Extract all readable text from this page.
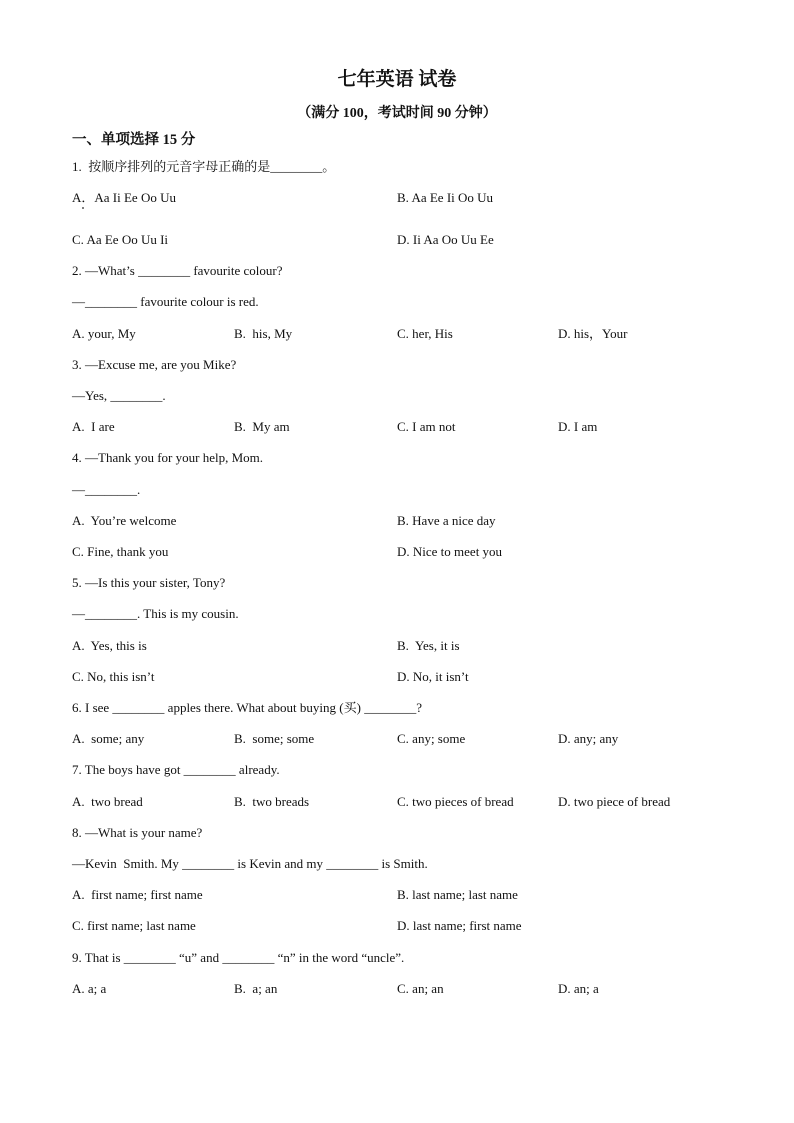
七年英语 试卷
（满分 100，考试时间 90 分钟）
一、单项选择 15 分
1.  按顺序排列的元音字母正确的是________。
A．Aa Ii Ee Oo Uu	B. Aa Ee Ii Oo Uu
C. Aa Ee Oo Uu Ii	D. Ii Aa Oo Uu Ee
2. —What’s ________ favourite colour?
—________ favourite colour is red.
A. your, My	B.  his, My	C. her, His	D. his，Your
3. —Excuse me, are you Mike?
—Yes, ________.
A.  I are	B.  My am	C. I am not	D. I am
4. —Thank you for your help, Mom.
—________.
A.  You’re welcome	B. Have a nice day
C. Fine, thank you	D. Nice to meet you
5. —Is this your sister, Tony?
—________. This is my cousin.
A.  Yes, this is	B.  Yes, it is
C. No, this isn’t	D. No, it isn’t
6. I see ________ apples there. What about buying (买) ________?
A.  some; any	B.  some; some	C. any; some	D. any; any
7. The boys have got ________ already.
A.  two bread	B.  two breads	C. two pieces of bread	D. two piece of bread
8. —What is your name?
—Kevin  Smith. My ________ is Kevin and my ________ is Smith.
A.  first name; first name	B. last name; last name
C. first name; last name	D. last name; first name
9. That is ________ “u” and ________ “n” in the word “uncle”.
A. a; a	B.  a; an	C. an; an	D. an; a
